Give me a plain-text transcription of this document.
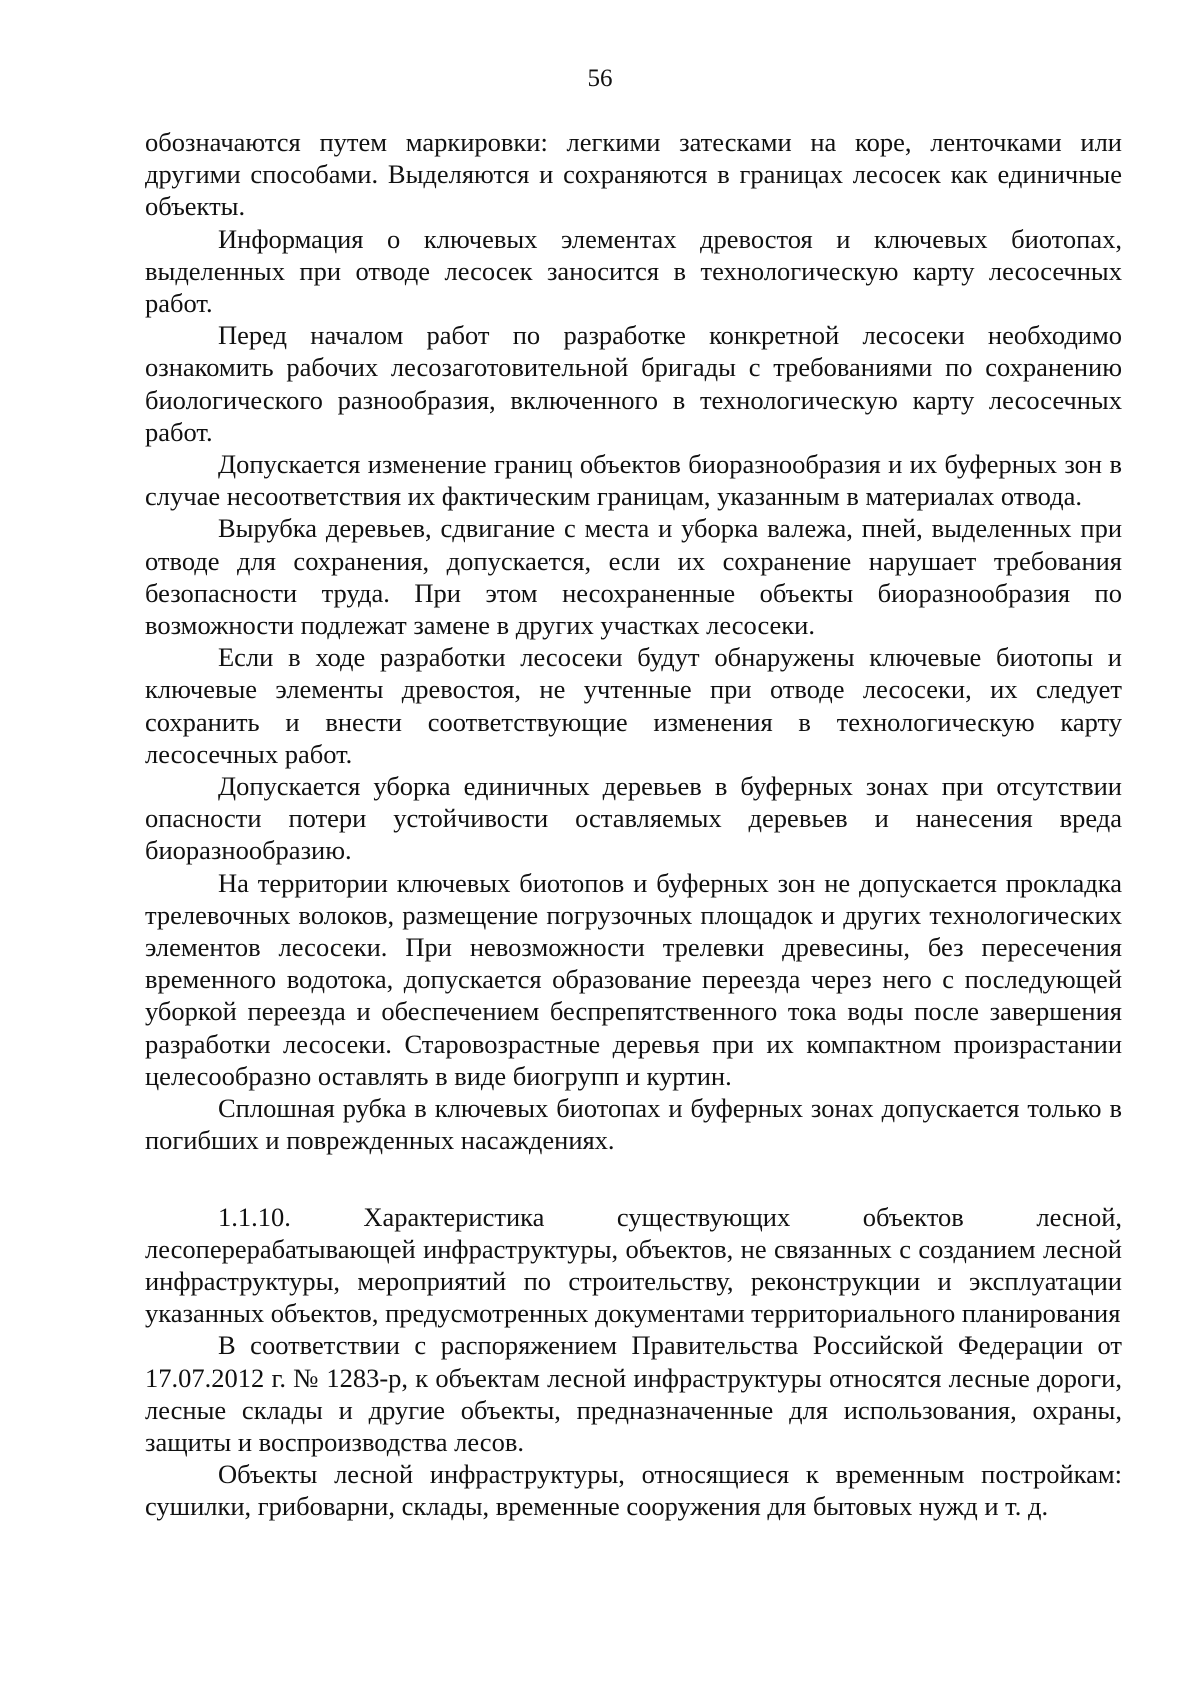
56

обозначаются путем маркировки: легкими затесками на коре, ленточками или другими способами. Выделяются и сохраняются в границах лесосек как единичные объекты.

Информация о ключевых элементах древостоя и ключевых биотопах, выделенных при отводе лесосек заносится в технологическую карту лесосечных работ.

Перед началом работ по разработке конкретной лесосеки необходимо ознакомить рабочих лесозаготовительной бригады с требованиями по сохранению биологического разнообразия, включенного в технологическую карту лесосечных работ.

Допускается изменение границ объектов биоразнообразия и их буферных зон в случае несоответствия их фактическим границам, указанным в материалах отвода.

Вырубка деревьев, сдвигание с места и уборка валежа, пней, выделенных при отводе для сохранения, допускается, если их сохранение нарушает требования безопасности труда. При этом несохраненные объекты биоразнообразия по возможности подлежат замене в других участках лесосеки.

Если в ходе разработки лесосеки будут обнаружены ключевые биотопы и ключевые элементы древостоя, не учтенные при отводе лесосеки, их следует сохранить и внести соответствующие изменения в технологическую карту лесосечных работ.

Допускается уборка единичных деревьев в буферных зонах при отсутствии опасности потери устойчивости оставляемых деревьев и нанесения вреда биоразнообразию.

На территории ключевых биотопов и буферных зон не допускается прокладка трелевочных волоков, размещение погрузочных площадок и других технологических элементов лесосеки. При невозможности трелевки древесины, без пересечения временного водотока, допускается образование переезда через него с последующей уборкой переезда и обеспечением беспрепятственного тока воды после завершения разработки лесосеки. Старовозрастные деревья при их компактном произрастании целесообразно оставлять в виде биогрупп и куртин.

Сплошная рубка в ключевых биотопах и буферных зонах допускается только в погибших и поврежденных насаждениях.

1.1.10. Характеристика существующих объектов лесной, лесоперерабатывающей инфраструктуры, объектов, не связанных с созданием лесной инфраструктуры, мероприятий по строительству, реконструкции и эксплуатации указанных объектов, предусмотренных документами территориального планирования

В соответствии с распоряжением Правительства Российской Федерации от 17.07.2012 г. № 1283-р, к объектам лесной инфраструктуры относятся лесные дороги, лесные склады и другие объекты, предназначенные для использования, охраны, защиты и воспроизводства лесов.

Объекты лесной инфраструктуры, относящиеся к временным постройкам: сушилки, грибоварни, склады, временные сооружения для бытовых нужд и т. д.
